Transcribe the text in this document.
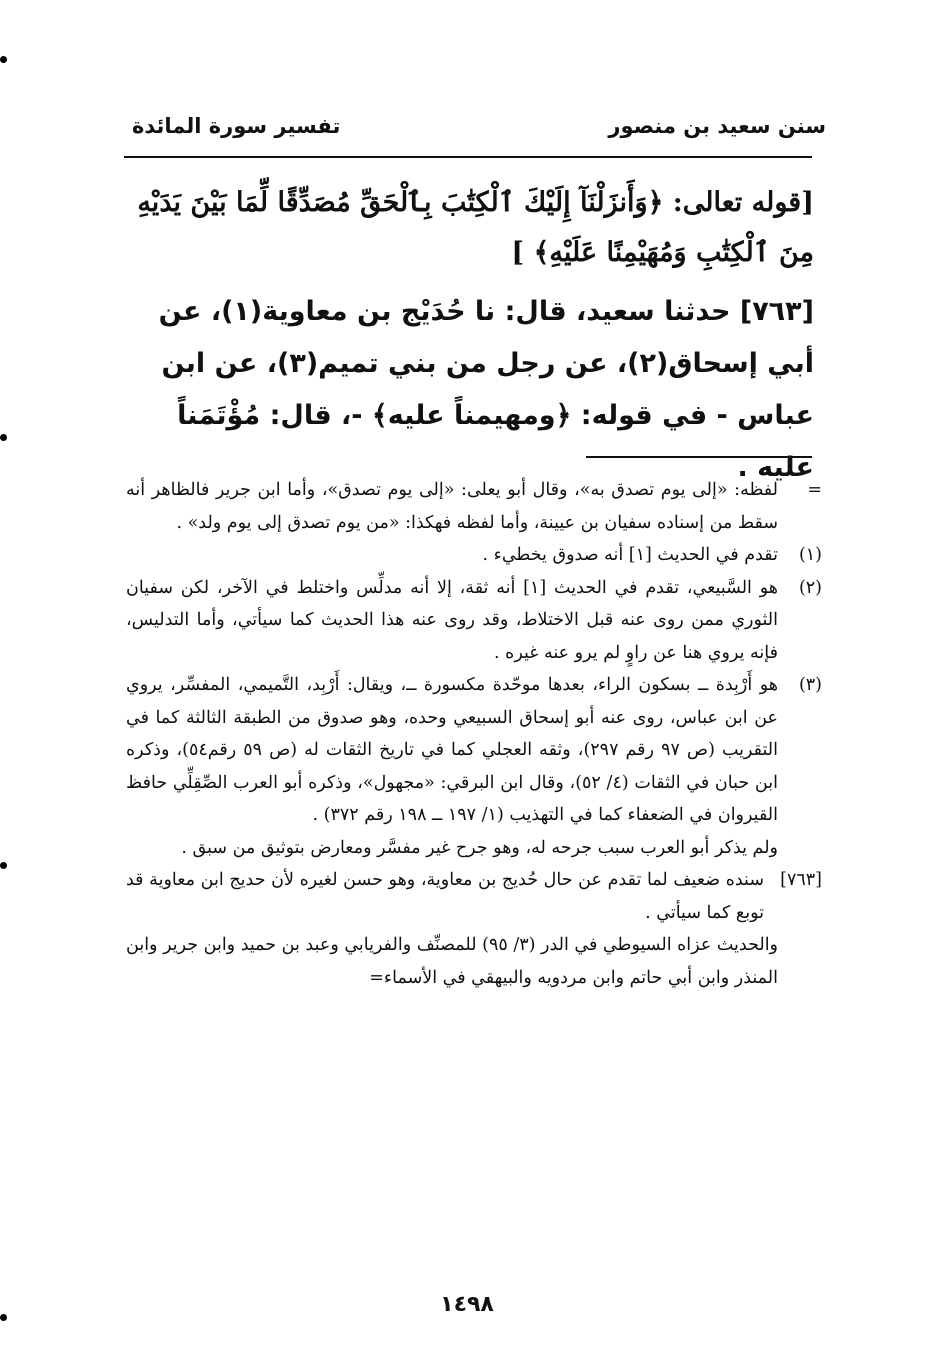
سنن سعيد بن منصور
تفسير سورة المائدة
[قوله تعالى: ﴿وَأَنزَلْنَآ إِلَيْكَ ٱلْكِتَٰبَ بِٱلْحَقِّ مُصَدِّقًا لِّمَا بَيْنَ يَدَيْهِ مِنَ ٱلْكِتَٰبِ وَمُهَيْمِنًا عَلَيْهِ﴾ ]
[٧٦٣] حدثنا سعيد، قال: نا حُدَيْج بن معاوية(١)، عن أبي إسحاق(٢)، عن رجل من بني تميم(٣)، عن ابن عباس - في قوله: ﴿ومهيمناً عليه﴾ -، قال: مُؤْتَمَناً عليه .
=
لفظه: «إلى يوم تصدق به»، وقال أبو يعلى: «إلى يوم تصدق»، وأما ابن جرير فالظاهر أنه سقط من إسناده سفيان بن عيينة، وأما لفظه فهكذا: «من يوم تصدق إلى يوم ولد» .
(١)
تقدم في الحديث [١] أنه صدوق يخطيء .
(٢)
هو السَّبيعي، تقدم في الحديث [١] أنه ثقة، إلا أنه مدلِّس واختلط في الآخر، لكن سفيان الثوري ممن روى عنه قبل الاختلاط، وقد روى عنه هذا الحديث كما سيأتي، وأما التدليس، فإنه يروي هنا عن راوٍ لم يرو عنه غيره .
(٣)
هو أَرْبِدة ــ بسكون الراء، بعدها موحّدة مكسورة ــ، ويقال: أَرْبِد، التَّميمي، المفسِّر، يروي عن ابن عباس، روى عنه أبو إسحاق السبيعي وحده، وهو صدوق من الطبقة الثالثة كما في التقريب (ص ٩٧ رقم ٢٩٧)، وثقه العجلي كما في تاريخ الثقات له (ص ٥٩ رقم٥٤)، وذكره ابن حبان في الثقات (٤/ ٥٢)، وقال ابن البرقي: «مجهول»، وذكره أبو العرب الصِّقِلِّي حافظ القيروان في الضعفاء كما في التهذيب (١/ ١٩٧ ــ ١٩٨ رقم ٣٧٢) .
ولم يذكر أبو العرب سبب جرحه له، وهو جرح غير مفسَّر ومعارض بتوثيق من سبق .
[٧٦٣]
سنده ضعيف لما تقدم عن حال حُديج بن معاوية، وهو حسن لغيره لأن حديج ابن معاوية قد توبع كما سيأتي .
والحديث عزاه السيوطي في الدر (٣/ ٩٥) للمصنِّف والفريابي وعبد بن حميد وابن جرير وابن المنذر وابن أبي حاتم وابن مردويه والبيهقي في الأسماء=
١٤٩٨
